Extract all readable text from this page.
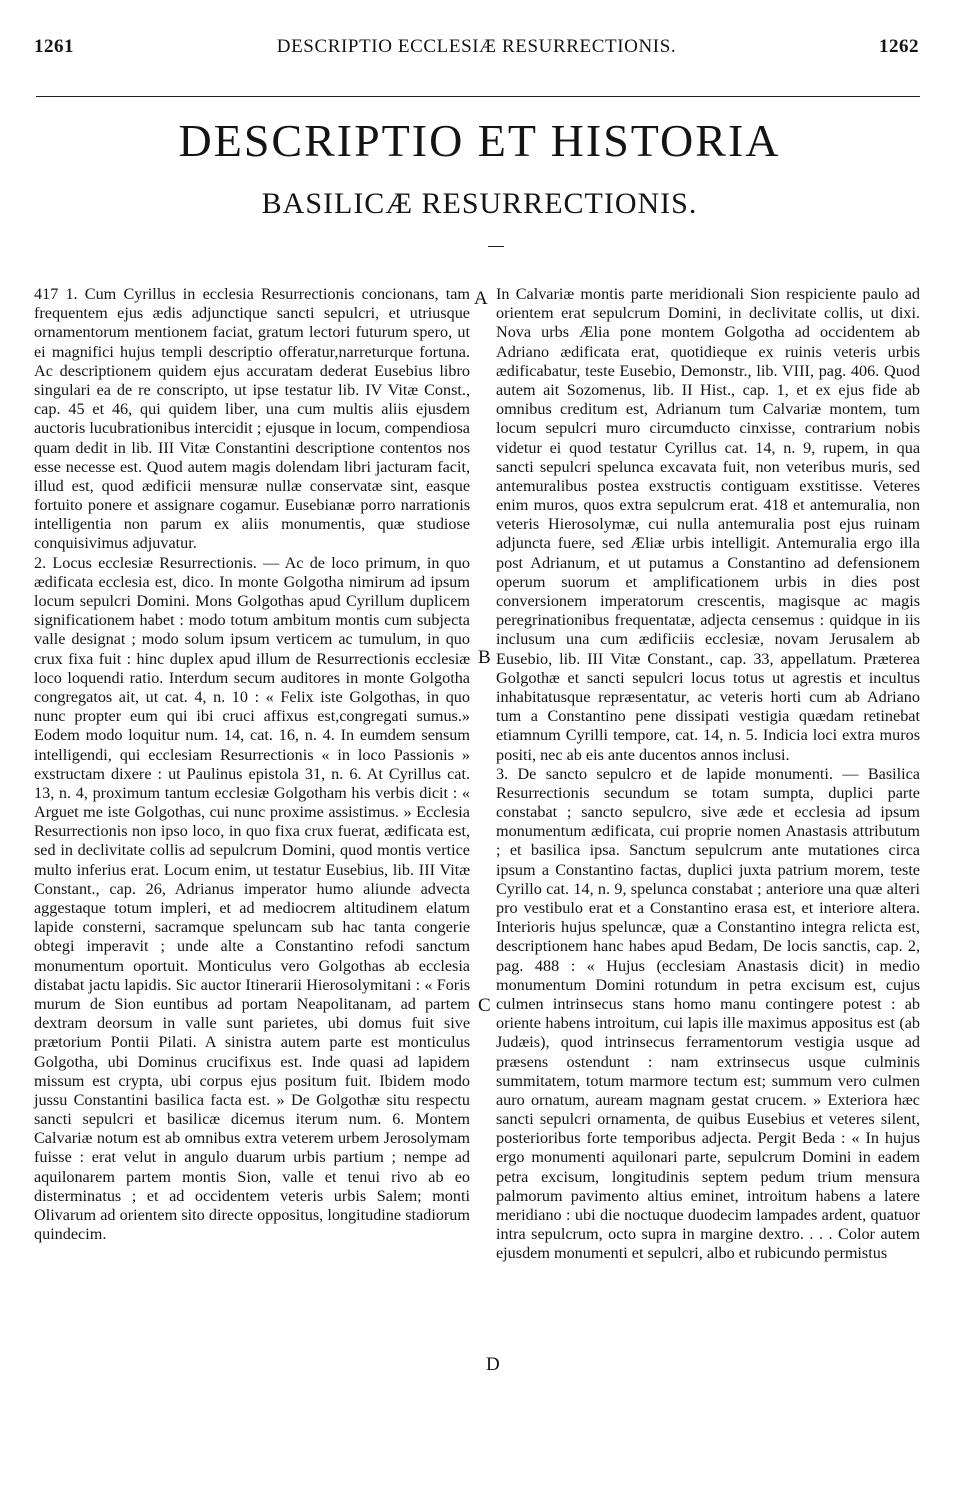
1261	DESCRIPTIO ECCLESIÆ RESURRECTIONIS.	1262
DESCRIPTIO ET HISTORIA
BASILICÆ RESURRECTIONIS.
417 1. Cum Cyrillus in ecclesia Resurrectionis concionans, tam frequentem ejus ædis adjunctique sancti sepulcri, et utriusque ornamentorum mentionem faciat, gratum lectori futurum spero, ut ei magnifici hujus templi descriptio offeratur,narreturque fortuna. Ac descriptionem quidem ejus accuratam dederat Eusebius libro singulari ea de re conscripto, ut ipse testatur lib. IV Vitæ Const., cap. 45 et 46, qui quidem liber, una cum multis aliis ejusdem auctoris lucubrationibus intercidit ; ejusque in locum, compendiosa quam dedit in lib. III Vitæ Constantini descriptione contentos nos esse necesse est. Quod autem magis dolendam libri jacturam facit, illud est, quod ædificii mensuræ nullæ conservatæ sint, easque fortuito ponere et assignare cogamur. Eusebianæ porro narrationis intelligentia non parum ex aliis monumentis, quæ studiose conquisivimus adjuvatur.
2. Locus ecclesiæ Resurrectionis. — Ac de loco primum, in quo ædificata ecclesia est, dico. In monte Golgotha nimirum ad ipsum locum sepulcri Domini. Mons Golgothas apud Cyrillum duplicem significationem habet : modo totum ambitum montis cum subjecta valle designat ; modo solum ipsum verticem ac tumulum, in quo crux fixa fuit : hinc duplex apud illum de Resurrectionis ecclesiæ loco loquendi ratio. Interdum secum auditores in monte Golgotha congregatos ait, ut cat. 4, n. 10 : « Felix iste Golgothas, in quo nunc propter eum qui ibi cruci affixus est,congregati sumus.» Eodem modo loquitur num. 14, cat. 16, n. 4. In eumdem sensum intelligendi, qui ecclesiam Resurrectionis « in loco Passionis » exstructam dixere : ut Paulinus epistola 31, n. 6. At Cyrillus cat. 13, n. 4, proximum tantum ecclesiæ Golgotham his verbis dicit : « Arguet me iste Golgothas, cui nunc proxime assistimus. » Ecclesia Resurrectionis non ipso loco, in quo fixa crux fuerat, ædificata est, sed in declivitate collis ad sepulcrum Domini, quod montis vertice multo inferius erat. Locum enim, ut testatur Eusebius, lib. III Vitæ Constant., cap. 26, Adrianus imperator humo aliunde advecta aggestaque totum impleri, et ad mediocrem altitudinem elatum lapide consterni, sacramque speluncam sub hac tanta congerie obtegi imperavit ; unde alte a Constantino refodi sanctum monumentum oportuit. Monticulus vero Golgothas ab ecclesia distabat jactu lapidis. Sic auctor Itinerarii Hierosolymitani : « Foris murum de Sion euntibus ad portam Neapolitanam, ad partem dextram deorsum in valle sunt parietes, ubi domus fuit sive prætorium Pontii Pilati. A sinistra autem parte est monticulus Golgotha, ubi Dominus crucifixus est. Inde quasi ad lapidem missum est crypta, ubi corpus ejus positum fuit. Ibidem modo jussu Constantini basilica facta est. » De Golgothæ situ respectu sancti sepulcri et basilicæ dicemus iterum num. 6. Montem Calvariæ notum est ab omnibus extra veterem urbem Jerosolymam fuisse : erat velut in angulo duarum urbis partium ; nempe ad aquilonarem partem montis Sion, valle et tenui rivo ab eo disterminatus ; et ad occidentem veteris urbis Salem; monti Olivarum ad orientem sito directe oppositus, longitudine stadiorum quindecim.
In Calvariæ montis parte meridionali Sion respiciente paulo ad orientem erat sepulcrum Domini, in declivitate collis, ut dixi. Nova urbs Ælia pone montem Golgotha ad occidentem ab Adriano ædificata erat, quotidieque ex ruinis veteris urbis ædificabatur, teste Eusebio, Demonstr., lib. VIII, pag. 406. Quod autem ait Sozomenus, lib. II Hist., cap. 1, et ex ejus fide ab omnibus creditum est, Adrianum tum Calvariæ montem, tum locum sepulcri muro circumducto cinxisse, contrarium nobis videtur ei quod testatur Cyrillus cat. 14, n. 9, rupem, in qua sancti sepulcri spelunca excavata fuit, non veteribus muris, sed antemuralibus postea exstructis contiguam exstitisse. Veteres enim muros, quos extra sepulcrum erat. 418 et antemuralia, non veteris Hierosolymæ, cui nulla antemuralia post ejus ruinam adjuncta fuere, sed Æliæ urbis intelligit. Antemuralia ergo illa post Adrianum, et ut putamus a Constantino ad defensionem operum suorum et amplificationem urbis in dies post conversionem imperatorum crescentis, magisque ac magis peregrinationibus frequentatæ, adjecta censemus : quidque in iis inclusum una cum ædificiis ecclesiæ, novam Jerusalem ab Eusebio, lib. III Vitæ Constant., cap. 33, appellatum. Præterea Golgothæ et sancti sepulcri locus totus ut agrestis et incultus inhabitatusque repræsentatur, ac veteris horti cum ab Adriano tum a Constantino pene dissipati vestigia quædam retinebat etiamnum Cyrilli tempore, cat. 14, n. 5. Indicia loci extra muros positi, nec ab eis ante ducentos annos inclusi.
3. De sancto sepulcro et de lapide monumenti. — Basilica Resurrectionis secundum se totam sumpta, duplici parte constabat ; sancto sepulcro, sive æde et ecclesia ad ipsum monumentum ædificata, cui proprie nomen Anastasis attributum ; et basilica ipsa. Sanctum sepulcrum ante mutationes circa ipsum a Constantino factas, duplici juxta patrium morem, teste Cyrillo cat. 14, n. 9, spelunca constabat ; anteriore una quæ alteri pro vestibulo erat et a Constantino erasa est, et interiore altera. Interioris hujus speluncæ, quæ a Constantino integra relicta est, descriptionem hanc habes apud Bedam, De locis sanctis, cap. 2, pag. 488 : « Hujus (ecclesiam Anastasis dicit) in medio monumentum Domini rotundum in petra excisum est, cujus culmen intrinsecus stans homo manu contingere potest : ab oriente habens introitum, cui lapis ille maximus appositus est (ab Judæis), quod intrinsecus ferramentorum vestigia usque ad præsens ostendunt : nam extrinsecus usque culminis summitatem, totum marmore tectum est; summum vero culmen auro ornatum, auream magnam gestat crucem. » Exteriora hæc sancti sepulcri ornamenta, de quibus Eusebius et veteres silent, posterioribus forte temporibus adjecta. Pergit Beda : « In hujus ergo monumenti aquilonari parte, sepulcrum Domini in eadem petra excisum, longitudinis septem pedum trium mensura palmorum pavimento altius eminet, introitum habens a latere meridiano : ubi die noctuque duodecim lampades ardent, quatuor intra sepulcrum, octo supra in margine dextro. . . . Color autem ejusdem monumenti et sepulcri, albo et rubicundo permistus
A
B
C
D
